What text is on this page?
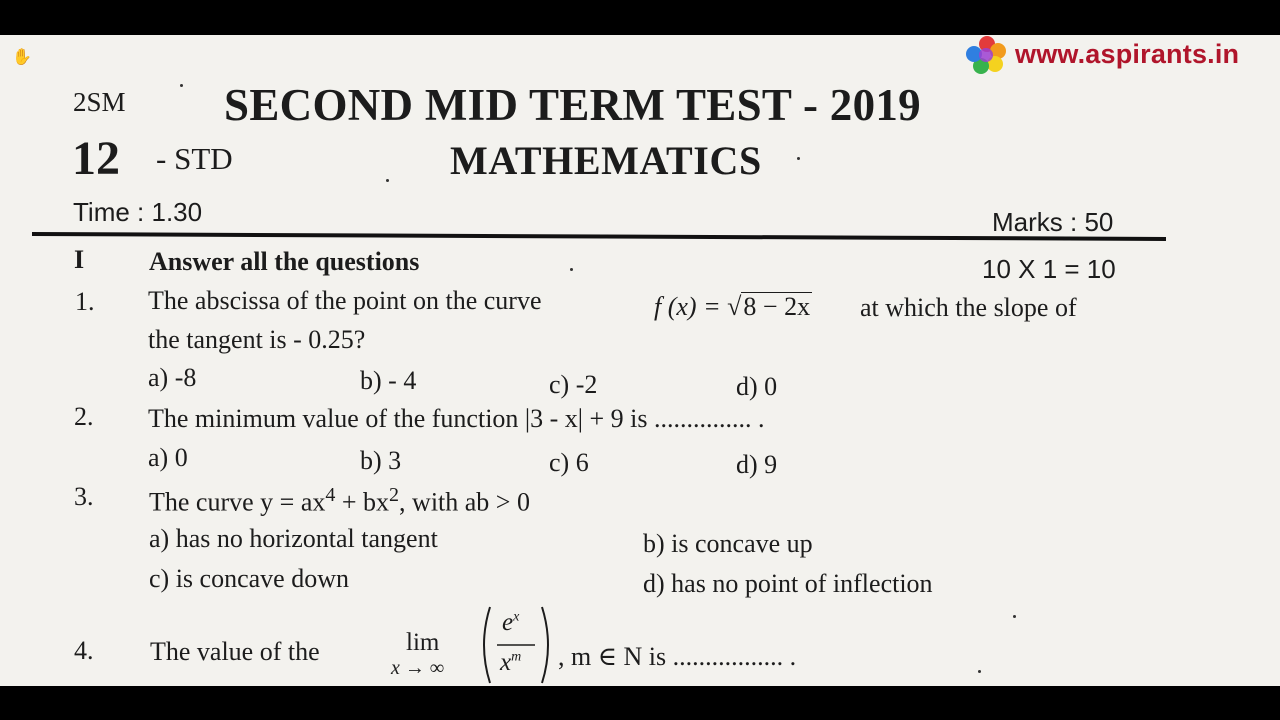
✋	www.aspirants.in
2SM SECOND MID TERM TEST - 2019
12 - STD	MATHEMATICS
Time : 1.30	Marks : 50
I Answer all the questions	10 X 1 = 10
1. The abscissa of the point on the curve	f (x) = √8 − 2x at which the slope of
the tangent is - 0.25?
a) -8	b) - 4	c) -2	d) 0
2. The minimum value of the function |3 - x| + 9 is ............... .
a) 0	b) 3	c) 6	d) 9
3. The curve $y = ax^4 + bx^2$, with ab > 0
a) has no horizontal tangent	b) is concave up
c) is concave down	d) has no point of inflection
4. The value of the	lim
x → ∞
$e^x$
$x^m$ , m ∈ N is ................. .
